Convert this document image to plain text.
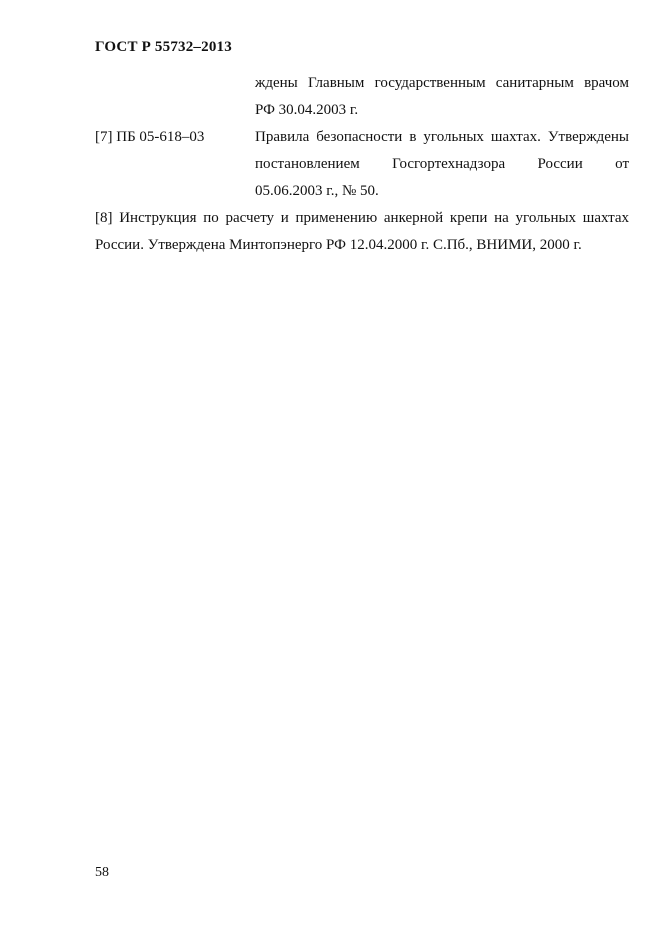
ГОСТ Р 55732–2013
ждены Главным государственным санитарным врачом
РФ 30.04.2003 г.
[7] ПБ 05-618–03	Правила безопасности в угольных шахтах. Утверждены
постановлением Госгортехнадзора России от
05.06.2003 г., № 50.
[8] Инструкция по расчету и применению анкерной крепи на угольных шахтах
России. Утверждена Минтопэнерго РФ 12.04.2000 г. С.Пб., ВНИМИ, 2000 г.
58
